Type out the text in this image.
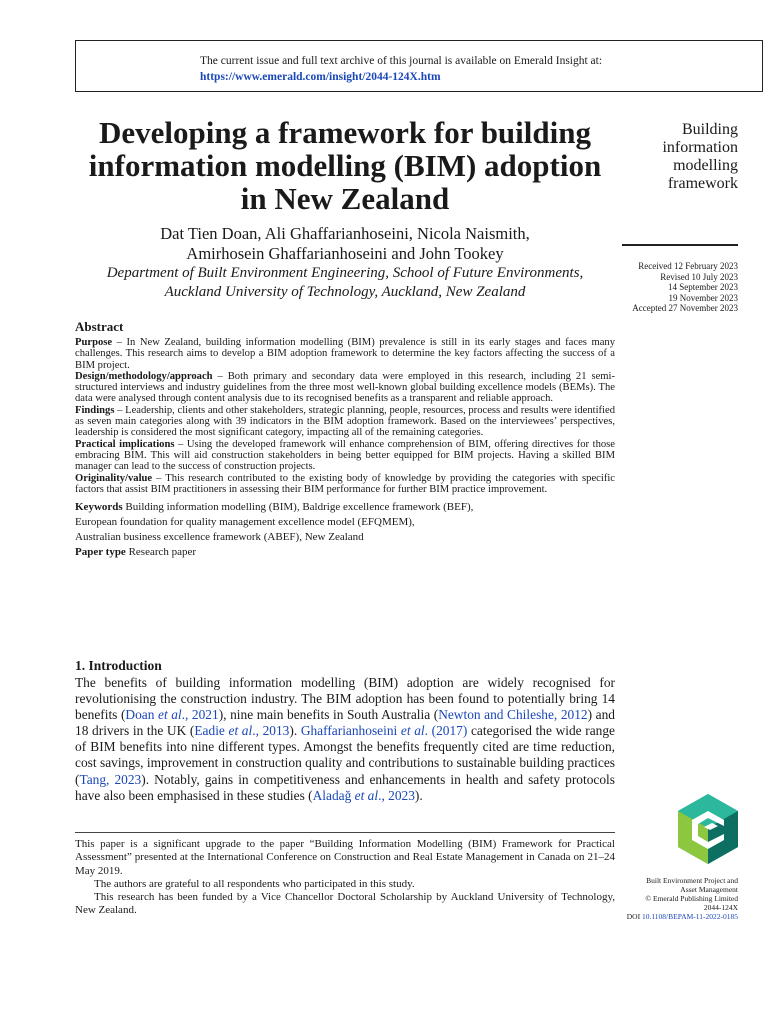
The current issue and full text archive of this journal is available on Emerald Insight at:
https://www.emerald.com/insight/2044-124X.htm
Developing a framework for building information modelling (BIM) adoption in New Zealand
Dat Tien Doan, Ali Ghaffarianhoseini, Nicola Naismith,
Amirhosein Ghaffarianhoseini and John Tookey
Department of Built Environment Engineering, School of Future Environments,
Auckland University of Technology, Auckland, New Zealand
Building
information
modelling
framework
Received 12 February 2023
Revised 10 July 2023
14 September 2023
19 November 2023
Accepted 27 November 2023
Abstract

Purpose – In New Zealand, building information modelling (BIM) prevalence is still in its early stages and faces many challenges. This research aims to develop a BIM adoption framework to determine the key factors affecting the success of a BIM project.

Design/methodology/approach – Both primary and secondary data were employed in this research, including 21 semi-structured interviews and industry guidelines from the three most well-known global building excellence models (BEMs). The data were analysed through content analysis due to its recognised benefits as a transparent and reliable approach.

Findings – Leadership, clients and other stakeholders, strategic planning, people, resources, process and results were identified as seven main categories along with 39 indicators in the BIM adoption framework. Based on the interviewees’ perspectives, leadership is considered the most significant category, impacting all of the remaining categories.

Practical implications – Using the developed framework will enhance comprehension of BIM, offering directives for those embracing BIM. This will aid construction stakeholders in being better equipped for BIM projects. Having a skilled BIM manager can lead to the success of construction projects.

Originality/value – This research contributed to the existing body of knowledge by providing the categories with specific factors that assist BIM practitioners in assessing their BIM performance for further BIM practice improvement.

Keywords Building information modelling (BIM), Baldrige excellence framework (BEF),
European foundation for quality management excellence model (EFQMEM),
Australian business excellence framework (ABEF), New Zealand
Paper type Research paper
1. Introduction

The benefits of building information modelling (BIM) adoption are widely recognised for revolutionising the construction industry. The BIM adoption has been found to potentially bring 14 benefits (Doan et al., 2021), nine main benefits in South Australia (Newton and Chileshe, 2012) and 18 drivers in the UK (Eadie et al., 2013). Ghaffarianhoseini et al. (2017) categorised the wide range of BIM benefits into nine different types. Amongst the benefits frequently cited are time reduction, cost savings, improvement in construction quality and contributions to sustainable building practices (Tang, 2023). Notably, gains in competitiveness and enhancements in health and safety protocols have also been emphasised in these studies (Aladağ et al., 2023).

This paper is a significant upgrade to the paper “Building Information Modelling (BIM) Framework for Practical Assessment” presented at the International Conference on Construction and Real Estate Management in Canada on 21–24 May 2019.

The authors are grateful to all respondents who participated in this study.

This research has been funded by a Vice Chancellor Doctoral Scholarship by Auckland University of Technology, New Zealand.

Built Environment Project and
Asset Management
© Emerald Publishing Limited
2044-124X
DOI 10.1108/BEPAM-11-2022-0185
